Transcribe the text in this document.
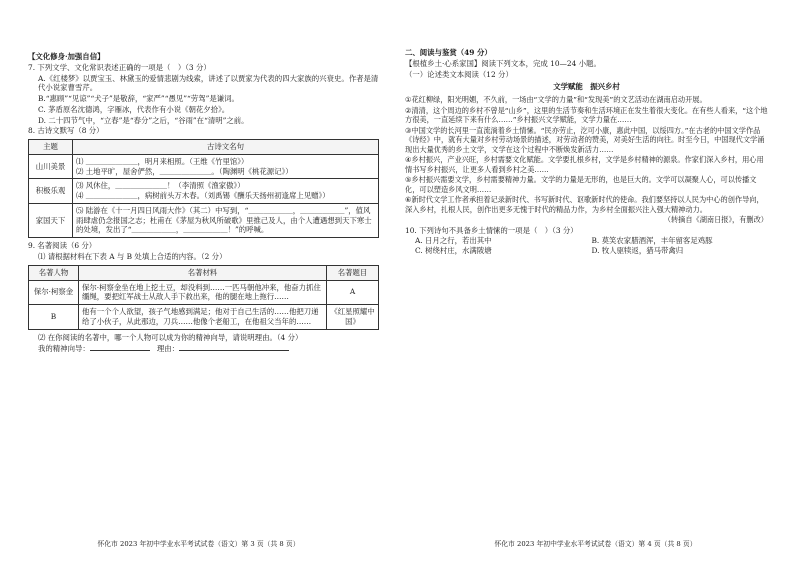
【文化修身·加强自信】
7. 下列文学、文化常识表述正确的一项是（　）（3 分）
A.《红楼梦》以贾宝玉、林黛玉的爱情悲剧为线索，讲述了以贾家为代表的四大家族的兴衰史。作者是清代小说家曹雪芹。
B.“惠顾”“见谅”“犬子”是敬辞，“家严”“愚见”“劳驾”是谦词。
C. 茅盾原名沈德鸿，字雁冰，代表作有小说《朝花夕拾》。
D. 二十四节气中，“立春”是“春分”之后，“谷雨”在“清明”之前。
8. 古诗文默写（8 分）
主题	古诗文名句
山川美景	⑴ ＿＿＿＿＿＿＿，明月来相照。（王维《竹里馆》）
⑵ 土地平旷，屋舍俨然，＿＿＿＿＿＿＿。（陶渊明《桃花源记》）

积极乐观	⑶ 风休住，＿＿＿＿＿＿＿！（李清照《渔家傲》）
⑷ ＿＿＿＿＿＿＿，病树前头万木春。（刘禹锡《酬乐天扬州初逢席上见赠》）

家国天下	⑸ 陆游在《十一月四日风雨大作》（其二）中写到，“＿＿＿＿＿＿，＿＿＿＿＿＿”，值风雨肆虐仍念报国之志；杜甫在《茅屋为秋风所破歌》里推己及人，由个人遭遇想到天下寒士的处境，发出了“＿＿＿＿＿＿，＿＿＿＿＿＿！”的呼喊。
9. 名著阅读（6 分）
⑴ 请根据材料在下表 A 与 B 处填上合适的内容。（2 分）
名著人物	名著材料	名著题目
保尔·柯察金	保尔·柯察金坐在地上挖土豆，却没料到……一匹马朝他冲来，他奋力抓住缰绳，要把红军战士从敌人手下救出来，他的腿在地上拖行……	A
B	他有一个个人欲望，孩子气地感到满足；他对于自己生活的……他把刀递给了小伙子，从此那边，刀兵……他像个老船工，在他祖父当年的……	《红星照耀中国》
⑵ 在你阅读的名著中，哪一个人物可以成为你的精神向导，请说明理由。（4 分）
我的精神向导：	理由：
怀化市 2023 年初中学业水平考试试卷（语文）第 3 页（共 8 页）
二、阅读与鉴赏（49 分）
【根植乡土·心系家国】阅读下列文本，完成 10—24 小题。
（一）论述类文本阅读（12 分）
文学赋能　振兴乡村
①花红柳绿，阳光明媚，不久前，一场由“文学的力量”和“发现美”的文艺活动在湖南启动开展。
②清清，这个周边的乡村不曾是“山乡”，这里的生活节奏和生活环境正在发生着很大变化。在有些人看来，“这个地方很美，一直延续下来有什么……”乡村振兴文学赋能，文学力量在……
③中国文学的长河里一直流淌着乡土情愫。“民亦劳止，汔可小康，惠此中国，以绥四方。”在古老的中国文学作品《诗经》中，就有大量对乡村劳动场景的描述，对劳动者的赞美，对美好生活的向往。时至今日，中国现代文学涌现出大量优秀的乡土文学，文学在这个过程中不断焕发新活力……
④乡村振兴，产业兴旺，乡村需要文化赋能。文学要扎根乡村，文学是乡村精神的源泉。作家们深入乡村，用心用情书写乡村振兴，让更多人看到乡村之美……
⑤乡村振兴需要文学，乡村需要精神力量。文学的力量是无形的，也是巨大的。文学可以凝聚人心，可以传播文化，可以塑造乡风文明……
⑥新时代文学工作者承担着记录新时代、书写新时代、讴歌新时代的使命。我们要坚持以人民为中心的创作导向，深入乡村，扎根人民，创作出更多无愧于时代的精品力作，为乡村全面振兴注入强大精神动力。
（转摘自《湖南日报》，有删改）
10. 下列诗句不具备乡土情愫的一项是（　）（3 分）
A. 日月之行，若出其中	B. 莫笑农家腊酒浑，丰年留客足鸡豚
C. 树绕村庄，水满陂塘	D. 牧人驱犊返，猎马带禽归
怀化市 2023 年初中学业水平考试试卷（语文）第 4 页（共 8 页）
